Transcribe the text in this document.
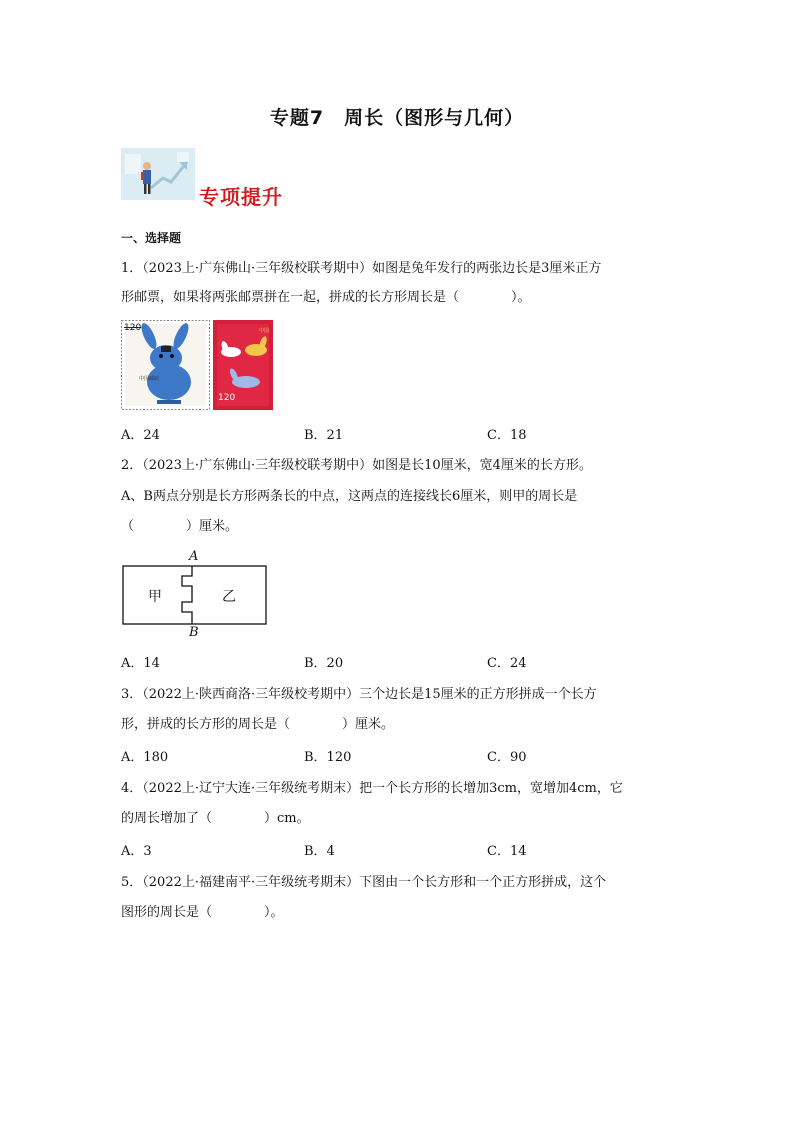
专题7　周长（图形与几何）
专项提升
一、选择题
1．（2023上·广东佛山·三年级校联考期中）如图是兔年发行的两张边长是3厘米正方
形邮票，如果将两张邮票拼在一起，拼成的长方形周长是（　　　　）。
中国邮政
中国
120
120
A．24	B．21	C．18
2．（2023上·广东佛山·三年级校联考期中）如图是长10厘米，宽4厘米的长方形。
A、B两点分别是长方形两条长的中点，这两点的连接线长6厘米，则甲的周长是
（　　　　）厘米。
A
B
甲	乙
A．14	B．20	C．24
3．（2022上·陕西商洛·三年级校考期中）三个边长是15厘米的正方形拼成一个长方
形，拼成的长方形的周长是（　　　　）厘米。
A．180	B．120	C．90
4．（2022上·辽宁大连·三年级统考期末）把一个长方形的长增加3cm，宽增加4cm，它
的周长增加了（　　　　）cm。
A．3	B．4	C．14
5．（2022上·福建南平·三年级统考期末）下图由一个长方形和一个正方形拼成，这个
图形的周长是（　　　　）。
